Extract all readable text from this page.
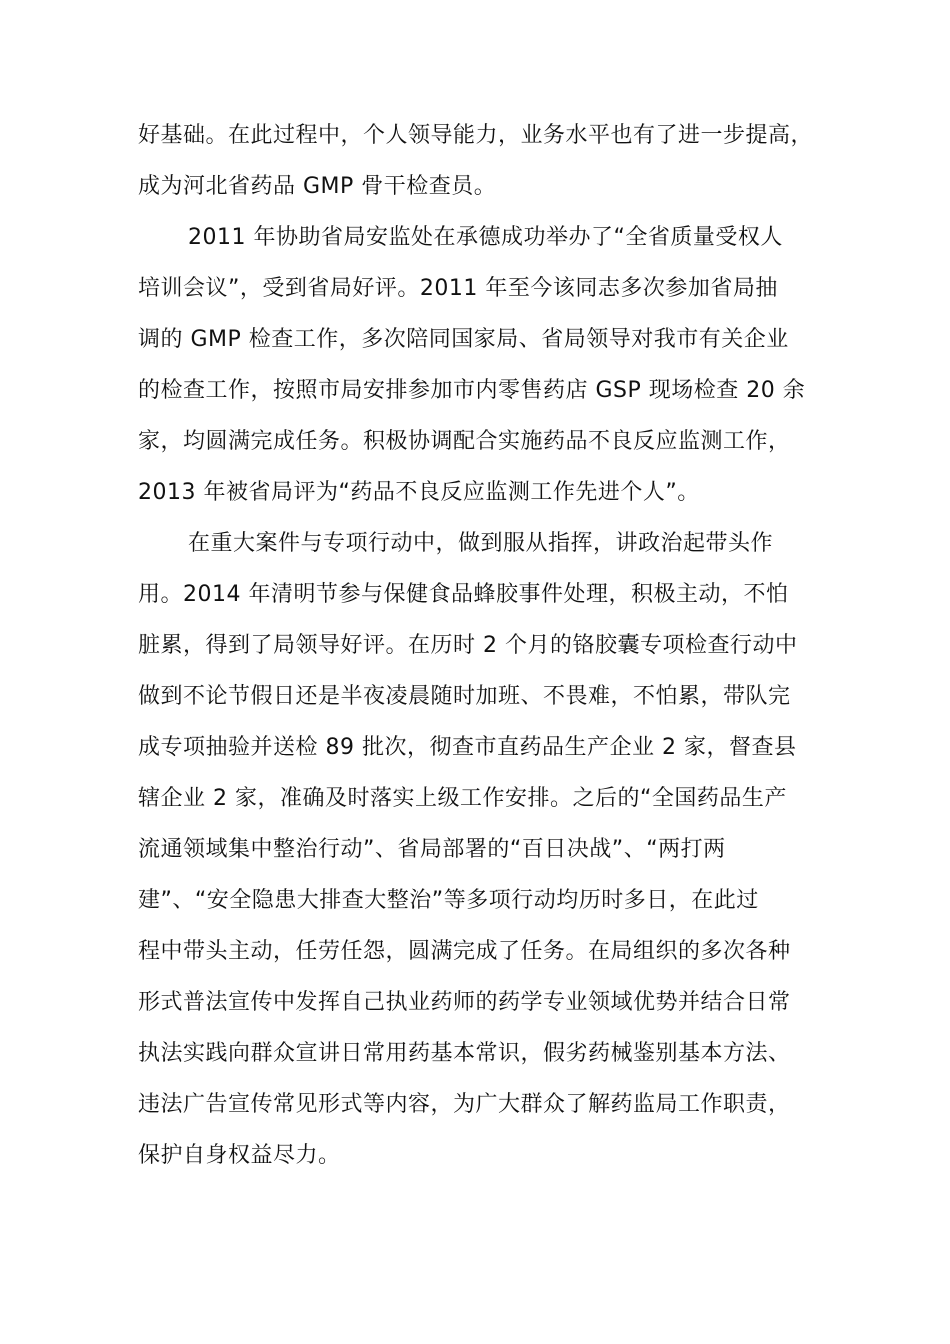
好基础。在此过程中，个人领导能力，业务水平也有了进一步提高，
成为河北省药品 GMP 骨干检查员。
2011 年协助省局安监处在承德成功举办了“全省质量受权人
培训会议”，受到省局好评。2011 年至今该同志多次参加省局抽
调的 GMP 检查工作，多次陪同国家局、省局领导对我市有关企业
的检查工作，按照市局安排参加市内零售药店 GSP 现场检查 20 余
家，均圆满完成任务。积极协调配合实施药品不良反应监测工作，
2013 年被省局评为“药品不良反应监测工作先进个人”。
在重大案件与专项行动中，做到服从指挥，讲政治起带头作
用。2014 年清明节参与保健食品蜂胶事件处理，积极主动，不怕
脏累，得到了局领导好评。在历时 2 个月的铬胶囊专项检查行动中
做到不论节假日还是半夜凌晨随时加班、不畏难，不怕累，带队完
成专项抽验并送检 89 批次，彻查市直药品生产企业 2 家，督查县
辖企业 2 家，准确及时落实上级工作安排。之后的“全国药品生产
流通领域集中整治行动”、省局部署的“百日决战”、“两打两
建”、“安全隐患大排查大整治”等多项行动均历时多日，在此过
程中带头主动，任劳任怨，圆满完成了任务。在局组织的多次各种
形式普法宣传中发挥自己执业药师的药学专业领域优势并结合日常
执法实践向群众宣讲日常用药基本常识，假劣药械鉴别基本方法、
违法广告宣传常见形式等内容，为广大群众了解药监局工作职责，
保护自身权益尽力。
